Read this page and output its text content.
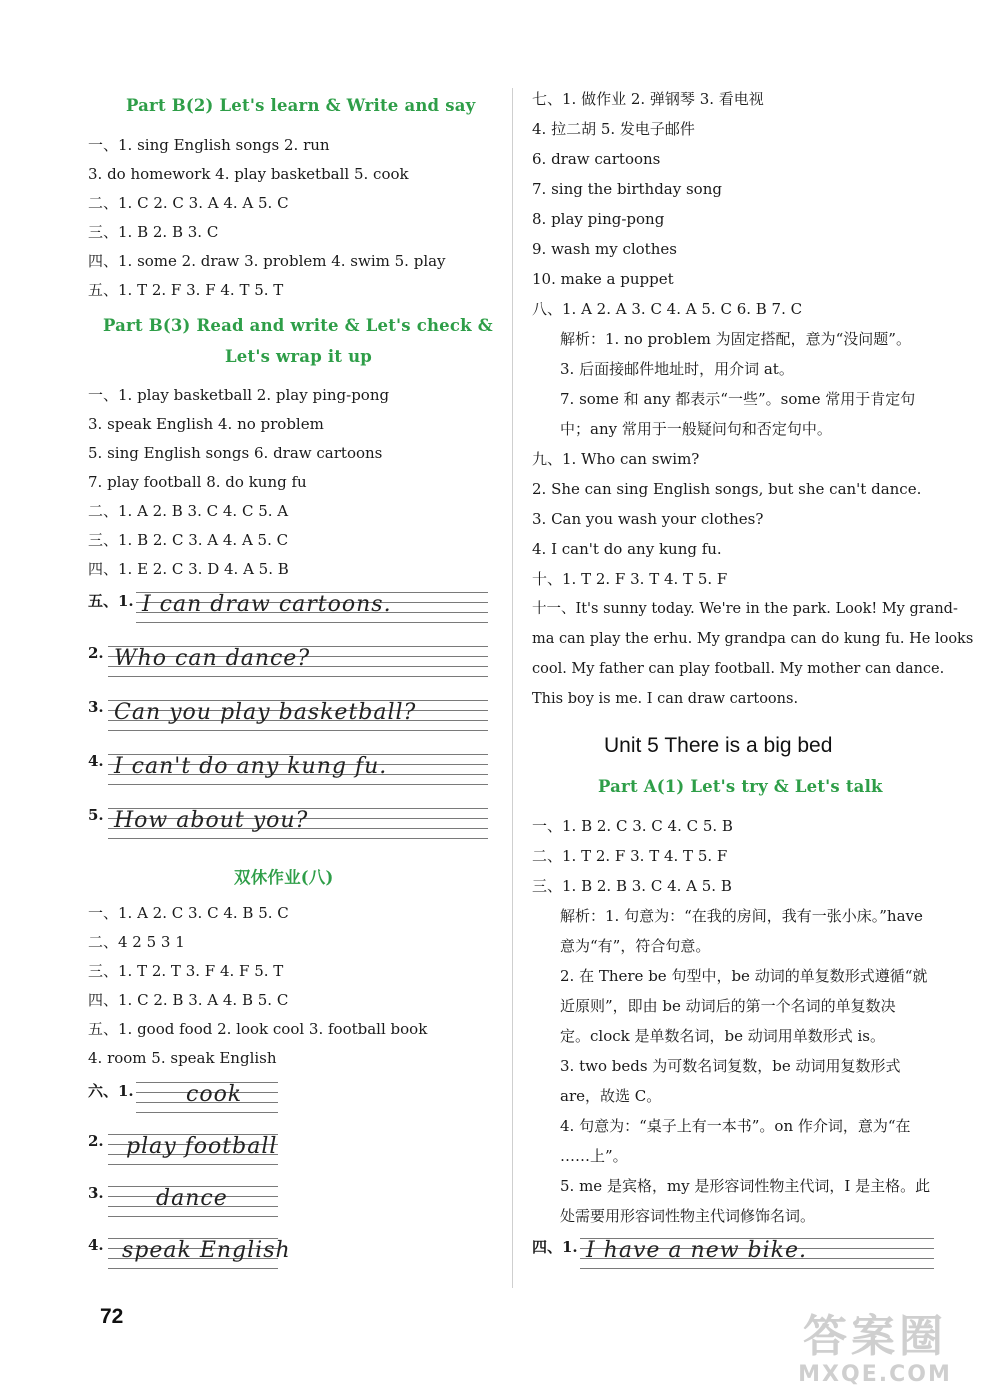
Part B(2) Let's learn & Write and say
一、1. sing English songs 2. run
3. do homework 4. play basketball 5. cook
二、1. C 2. C 3. A 4. A 5. C
三、1. B 2. B 3. C
四、1. some 2. draw 3. problem 4. swim 5. play
五、1. T 2. F 3. F 4. T 5. T
Part B(3) Read and write & Let's check &
Let's wrap it up
一、1. play basketball 2. play ping-pong
3. speak English 4. no problem
5. sing English songs 6. draw cartoons
7. play football 8. do kung fu
二、1. A 2. B 3. C 4. C 5. A
三、1. B 2. C 3. A 4. A 5. C
四、1. E 2. C 3. D 4. A 5. B
五、1. I can draw cartoons.
2. Who can dance?
3. Can you play basketball?
4. I can't do any kung fu.
5. How about you?
双休作业(八)
一、1. A 2. C 3. C 4. B 5. C
二、4 2 5 3 1
三、1. T 2. T 3. F 4. F 5. T
四、1. C 2. B 3. A 4. B 5. C
五、1. good food 2. look cool 3. football book
4. room 5. speak English
六、1. cook
2. play football
3. dance
4. speak English
七、1. 做作业 2. 弹钢琴 3. 看电视
4. 拉二胡 5. 发电子邮件
6. draw cartoons
7. sing the birthday song
8. play ping-pong
9. wash my clothes
10. make a puppet
八、1. A 2. A 3. C 4. A 5. C 6. B 7. C
解析：1. no problem 为固定搭配，意为“没问题”。
3. 后面接邮件地址时，用介词 at。
7. some 和 any 都表示“一些”。some 常用于肯定句
中；any 常用于一般疑问句和否定句中。
九、1. Who can swim?
2. She can sing English songs, but she can't dance.
3. Can you wash your clothes?
4. I can't do any kung fu.
十、1. T 2. F 3. T 4. T 5. F
十一、It's sunny today. We're in the park. Look! My grand-
ma can play the erhu. My grandpa can do kung fu. He looks
cool. My father can play football. My mother can dance.
This boy is me. I can draw cartoons.
Unit 5 There is a big bed
Part A(1) Let's try & Let's talk
一、1. B 2. C 3. C 4. C 5. B
二、1. T 2. F 3. T 4. T 5. F
三、1. B 2. B 3. C 4. A 5. B
解析：1. 句意为：“在我的房间，我有一张小床。”have
意为“有”，符合句意。
2. 在 There be 句型中，be 动词的单复数形式遵循“就
近原则”，即由 be 动词后的第一个名词的单复数决
定。clock 是单数名词，be 动词用单数形式 is。
3. two beds 为可数名词复数，be 动词用复数形式
are，故选 C。
4. 句意为：“桌子上有一本书”。on 作介词，意为“在
……上”。
5. me 是宾格，my 是形容词性物主代词，I 是主格。此
处需要用形容词性物主代词修饰名词。
四、1. I have a new bike.
72	答案圈
MXQE.COM
